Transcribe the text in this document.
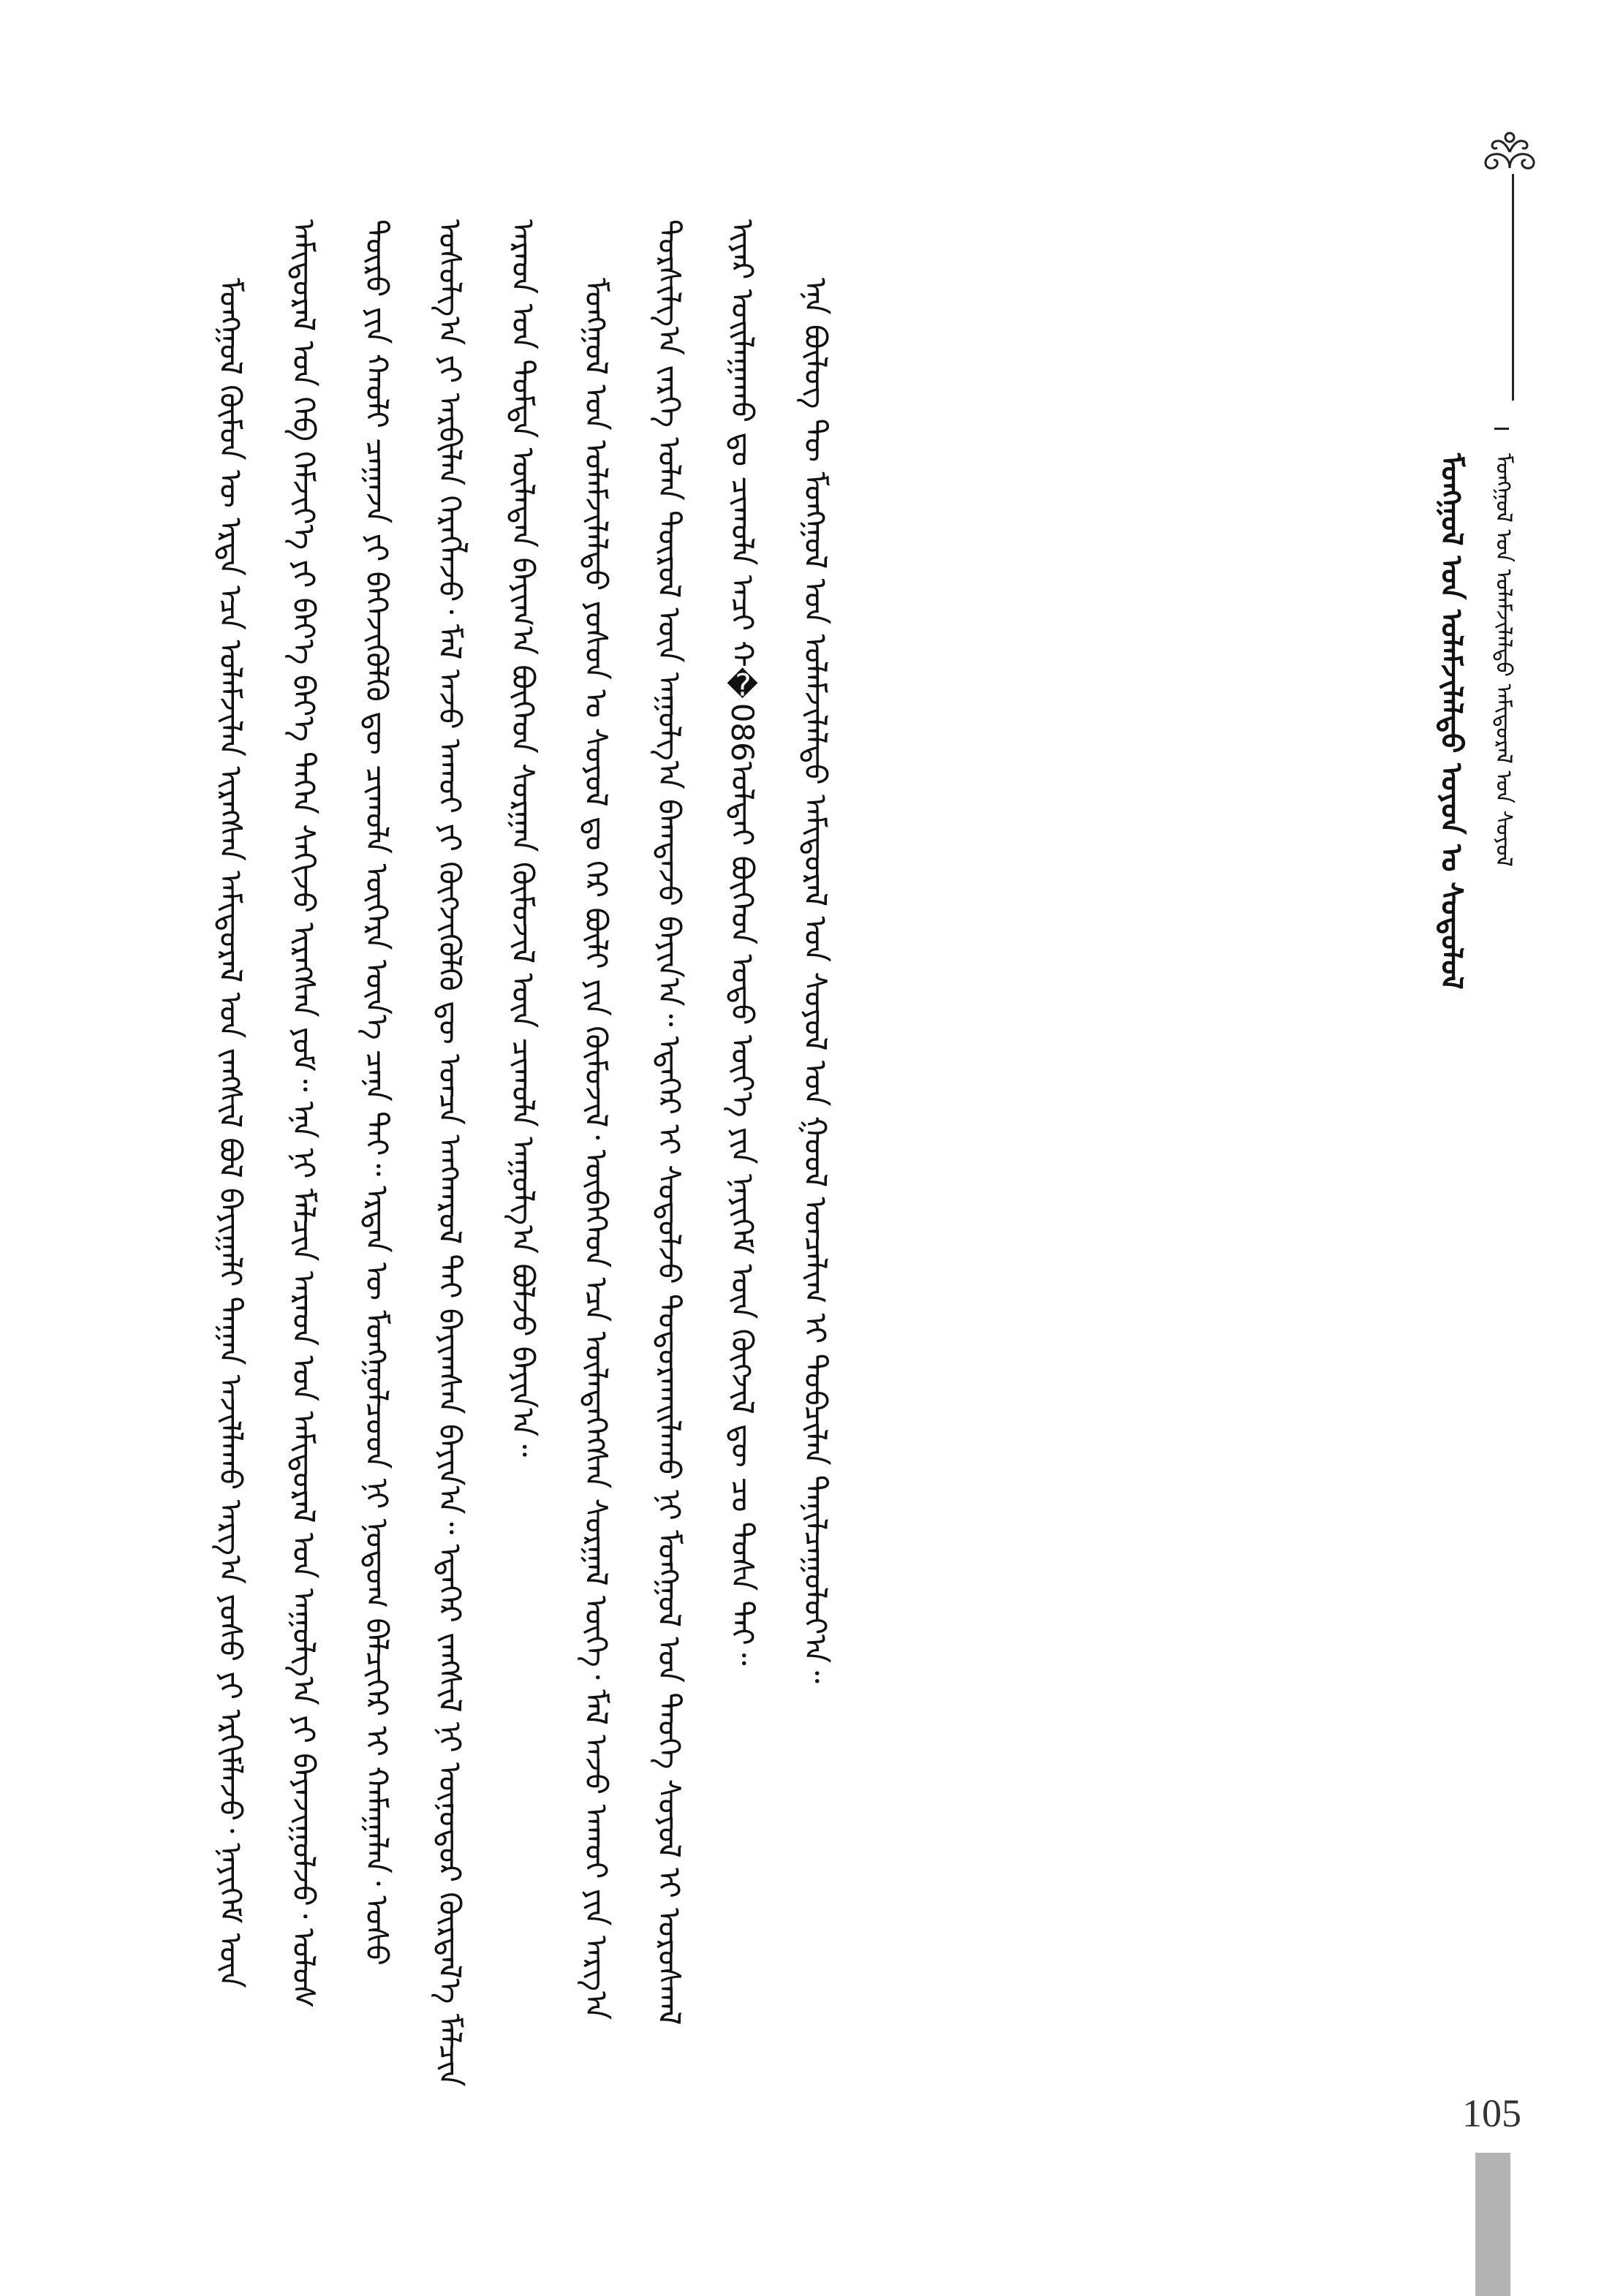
ᠮᠣᠩᠭᠣᠯ ᠤᠨ ᠤᠯᠠᠮᠵᠢᠯᠠᠯᠳᠤ ᠣᠶᠤᠨ ᠤ ᠰᠤᠳᠤᠯᠤᠯ	ᠮᠣᠩᠭᠣᠯ ᠤᠨ ᠤᠯᠠᠮᠵᠢᠯᠠᠯᠳᠤ ᠠᠮᠢᠳᠤᠷᠠᠯ ᠤᠨ ᠰᠣᠶᠣᠯ

ᠮᠣᠩᠭᠣᠯ ᠬᠦᠮᠦᠨ ᠦ ᠡᠷᠲᠡ ᠡᠴᠡ ᠤᠯᠠᠮᠵᠢᠯᠠᠨ ᠢᠷᠡᠭᠰᠡᠨ ᠠᠮᠢᠳᠤᠷᠠᠯ ᠤᠨ ᠵᠠᠩᠱᠢᠯ ᠪᠣᠯ ᠪᠠᠶᠢᠭᠠᠯᠢ ᠳᠠᠭᠠᠨ ᠠᠵᠢᠯᠯᠠᠬᠤ ᠠᠷᠭ᠎ᠠ ᠶᠣᠰᠣ ᠶᠢ ᠡᠷᠬᠢᠮᠯᠡᠵᠦ᠂ ᠨᠡᠶᠢᠭᠡᠮ ᠦᠨ ᠠᠮᠢᠳᠤᠷᠠᠯ ᠤᠨ ᠬᠡᠪ ᠬᠡᠮᠵᠢᠶ᠎ᠡ ᠶᠢ ᠪᠡᠶ᠎ᠡ ᠪᠡᠶ᠎ᠡ ᠳᠡᠭᠡᠨ ᠰᠠᠬᠢᠵᠤ ᠢᠷᠡᠭᠰᠡᠨ ᠶᠤᠮ᠃ ᠡᠨᠡ ᠨᠢ ᠮᠠᠯᠴᠢᠨ ᠠᠷᠠᠳ ᠤᠨ ᠠᠮᠢᠳᠤᠷᠠᠯ ᠤᠨ ᠠᠭᠤᠯᠭ᠎ᠠ ᠶᠢ ᠪᠠᠶᠠᠵᠢᠭᠤᠯᠵᠤ᠂ ᠤᠯᠤᠰ ᠲᠦᠷᠦ ᠶᠢᠨ ᠬᠠᠤᠯᠢ ᠴᠠᠭᠠᠵᠠ ᠶᠢ ᠪᠡᠬᠡᠵᠢᠭᠦᠯᠬᠦ ᠳᠦ ᠴᠢᠬᠤᠯᠠ ᠦᠭᠡᠷᠡ ᠦᠨ᠎ᠡ ᠴᠡᠨᠡ ᠲᠠᠢ᠃ ᠡᠷᠲᠡᠨ ᠦ ᠮᠣᠩᠭᠣᠯᠴᠤᠳ ᠨᠢ ᠨᠤᠲᠤᠭ ᠪᠡᠯᠴᠢᠭᠡᠷ ᠢ ᠬᠠᠮᠠᠭᠠᠯᠠᠨ᠂ ᠤᠰᠤ ᠤᠰᠤᠯᠭ᠎ᠠ ᠶᠢ ᠠᠷᠪᠢᠯᠠᠨ ᠬᠡᠷᠡᠭᠯᠡᠵᠦ᠂ ᠮᠠᠯ ᠠᠵᠤ ᠠᠬᠤᠢ ᠶᠢ ᠬᠥᠭᠵᠢᠭᠦᠯᠬᠦ ᠳᠦ ᠣᠨᠴᠠ ᠠᠨᠭᠬᠠᠷᠤᠯ ᠲᠠᠢ ᠪᠠᠶᠢᠭᠰᠠᠨ ᠪᠠᠶᠢᠨ᠎ᠠ᠃ ᠡᠳᠡᠭᠡᠷ ᠵᠠᠩᠱᠢᠯ ᠨᠢ ᠥᠨᠥᠳᠥᠷ ᠬᠦᠷᠲᠡᠯ᠎ᠡ ᠮᠠᠯᠴᠢᠨ ᠠᠷᠠᠳ ᠤᠨ ᠳᠤᠮᠳᠠ ᠦᠯᠡᠳᠡᠨ ᠪᠠᠶᠢᠭ᠎ᠠ ᠪᠥᠭᠡᠳ ᠰᠤᠷᠭᠠᠨ ᠬᠥᠮᠦᠵᠢᠯ ᠦᠨ ᠴᠢᠬᠤᠯᠠ ᠠᠭᠤᠯᠭ᠎ᠠ ᠪᠣᠯᠵᠤ ᠪᠠᠶᠢᠨ᠎ᠠ᠃	ᠮᠣᠩᠭᠣᠯ ᠤᠨ ᠤᠯᠠᠮᠵᠢᠯᠠᠯᠳᠤ ᠶᠣᠰᠣᠨ ᠤ ᠰᠣᠶᠣᠯ ᠳᠤ ᠭᠡᠷ ᠪᠦᠯᠢ ᠶᠢᠨ ᠬᠦᠮᠦᠵᠢᠯ᠂ ᠥᠪᠡᠭᠡᠳ ᠡᠴᠡ ᠦᠯᠡᠳᠡᠭᠡᠭᠰᠡᠨ ᠰᠤᠷᠭᠠᠯ ᠦᠭᠡ᠂ ᠮᠠᠯ ᠠᠵᠤ ᠠᠬᠤᠢ ᠶᠢᠨ ᠠᠷᠭ᠎ᠠ ᠲᠤᠷᠰᠢᠯᠭ᠎ᠠ ᠵᠡᠷᠭᠡ ᠣᠯᠠᠨ ᠲᠥᠷᠦᠯ ᠦᠨ ᠠᠭᠤᠯᠭ᠎ᠠ ᠪᠠᠭᠲᠠᠵᠤ ᠪᠠᠶᠢᠨ᠎ᠠ᠃ ᠡᠳᠡᠭᠡᠷ ᠢ ᠰᠤᠳᠤᠯᠵᠤ ᠲᠣᠳᠤᠷᠬᠠᠢᠯᠠᠬᠤ ᠨᠢ ᠮᠣᠩᠭᠣᠯ ᠤᠨ ᠲᠡᠦᠬᠡ ᠰᠣᠶᠣᠯ ᠢ ᠤᠷᠤᠰᠬᠠᠯ ᠢᠶᠠᠷ ᠣᠢᠯᠠᠭᠠᠬᠤ ᠳᠤ ᠴᠢᠬᠤᠯᠠ ᠠᠴᠢ ᠬ�086ᠤᠯᠲᠠᠢ ᠪᠥᠭᠡᠳ ᠣᠳᠣ ᠦᠶ᠎ᠡ ᠶᠢᠨ ᠨᠡᠶᠢᠭᠡᠮ ᠦᠨ ᠬᠥᠭᠵᠢᠯ ᠳᠦ ᠴᠤ ᠲᠤᠰᠠ ᠲᠠᠢ᠃	ᠡᠨᠡ ᠪᠦᠯᠦᠭ ᠲᠦ ᠮᠣᠩᠭᠣᠯ ᠤᠨ ᠤᠯᠠᠮᠵᠢᠯᠠᠯᠳᠤ ᠠᠮᠢᠳᠤᠷᠠᠯ ᠤᠨ ᠰᠣᠶᠣᠯ ᠤᠨ ᠭᠣᠣᠯ ᠣᠨᠴᠠᠯᠢᠭ ᠢ ᠲᠣᠪᠴᠢᠯᠠᠨ ᠲᠠᠨᠢᠯᠴᠠᠭᠤᠯᠤᠶ᠎ᠠ᠃

105
